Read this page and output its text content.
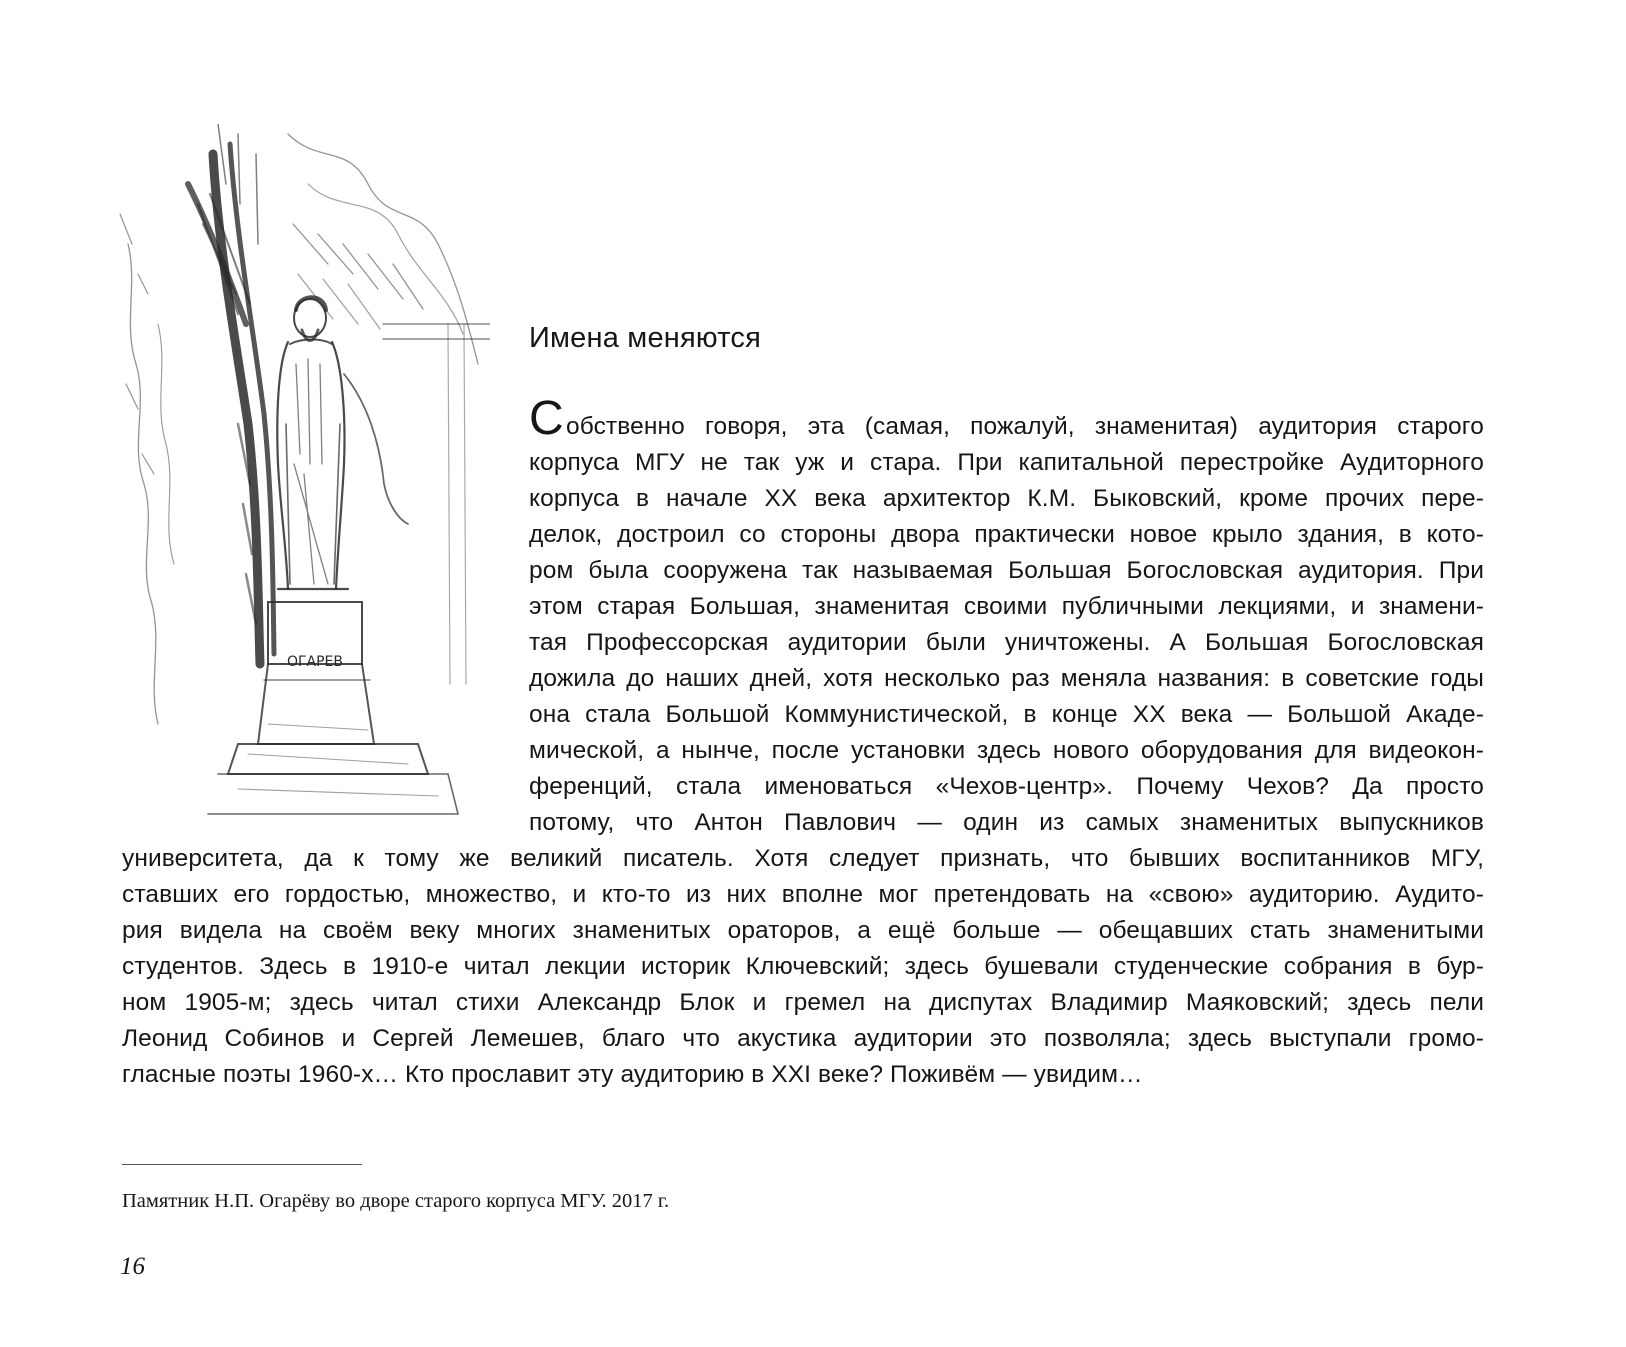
ОГАРЕВ
Имена меняются
С обственно говоря, эта (самая, пожалуй, знаменитая) аудитория старого
корпуса МГУ не так уж и стара. При капитальной перестройке Аудиторного
корпуса в начале XX века архитектор К.М. Быковский, кроме прочих пере-
делок, достроил со стороны двора практически новое крыло здания, в кото-
ром была сооружена так называемая Большая Богословская аудитория. При
этом старая Большая, знаменитая своими публичными лекциями, и знамени-
тая Профессорская аудитории были уничтожены. А Большая Богословская
дожила до наших дней, хотя несколько раз меняла названия: в советские годы
она стала Большой Коммунистической, в конце XX века — Большой Акаде-
мической, а нынче, после установки здесь нового оборудования для видеокон-
ференций, стала именоваться «Чехов-центр». Почему Чехов? Да просто
потому, что Антон Павлович — один из самых знаменитых выпускников
университета, да к тому же великий писатель. Хотя следует признать, что бывших воспитанников МГУ,
ставших его гордостью, множество, и кто-то из них вполне мог претендовать на «свою» аудиторию. Аудито-
рия видела на своём веку многих знаменитых ораторов, а ещё больше — обещавших стать знаменитыми
студентов. Здесь в 1910-е читал лекции историк Ключевский; здесь бушевали студенческие собрания в бур-
ном 1905-м; здесь читал стихи Александр Блок и гремел на диспутах Владимир Маяковский; здесь пели
Леонид Собинов и Сергей Лемешев, благо что акустика аудитории это позволяла; здесь выступали громо-
гласные поэты 1960-х… Кто прославит эту аудиторию в XXI веке? Поживём — увидим…
Памятник Н.П. Огарёву во дворе старого корпуса МГУ. 2017 г.
16
